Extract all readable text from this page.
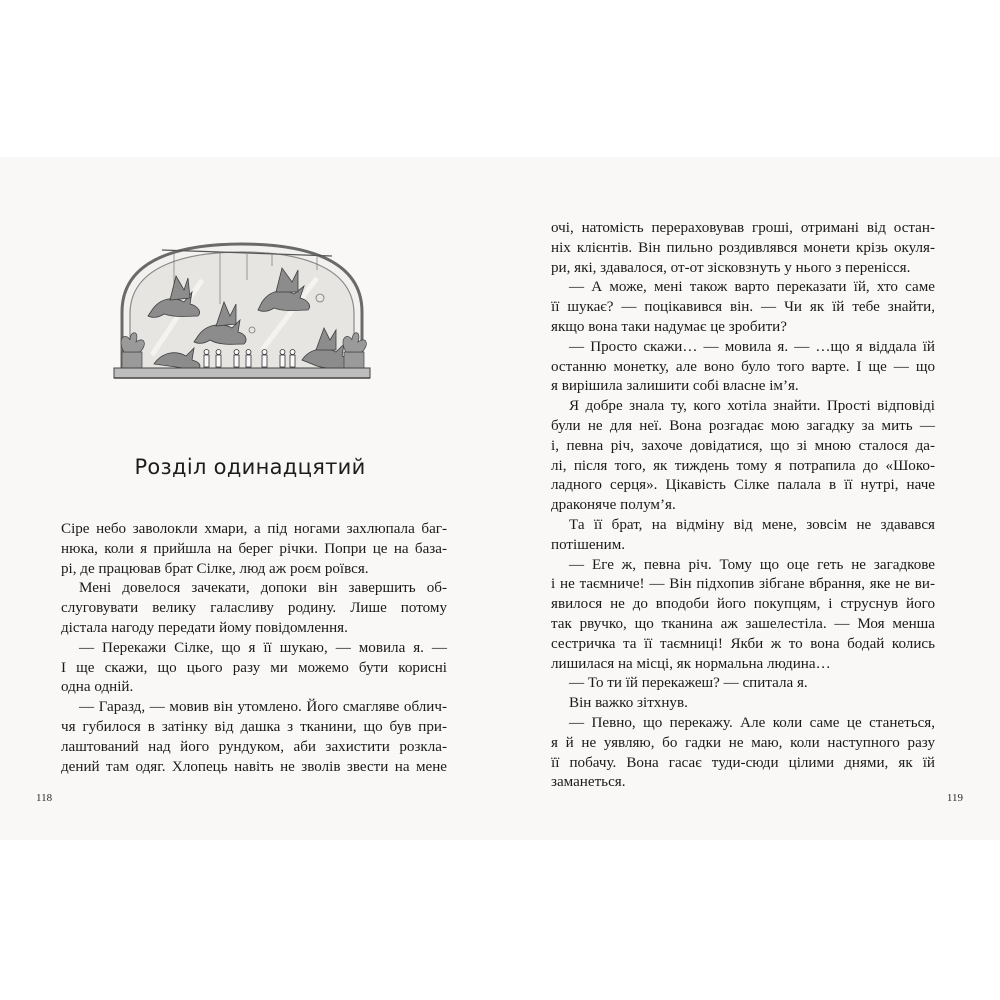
Розділ одинадцятий
Сіре небо заволокли хмари, а під ногами захлюпала баг-
нюка, коли я прийшла на берег річки. Попри це на база-
рі, де працював брат Сілке, люд аж роєм роївся.
Мені довелося зачекати, допоки він завершить об-
слуговувати велику галасливу родину. Лише потому
дістала нагоду передати йому повідомлення.
— Перекажи Сілке, що я її шукаю, — мовила я. —
І ще скажи, що цього разу ми можемо бути корисні
одна одній.
— Гаразд, — мовив він утомлено. Його смагляве облич-
чя губилося в затінку від дашка з тканини, що був при-
лаштований над його рундуком, аби захистити розкла-
дений там одяг. Хлопець навіть не зволів звести на мене
118
очі, натомість перераховував гроші, отримані від остан-
ніх клієнтів. Він пильно роздивлявся монети крізь окуля-
ри, які, здавалося, от-от зісковзнуть у нього з перенісся.
— А може, мені також варто переказати їй, хто саме
її шукає? — поцікавився він. — Чи як їй тебе знайти,
якщо вона таки надумає це зробити?
— Просто скажи… — мовила я. — …що я віддала їй
останню монетку, але воно було того варте. І ще — що
я вирішила залишити собі власне ім’я.
Я добре знала ту, кого хотіла знайти. Прості відповіді
були не для неї. Вона розгадає мою загадку за мить —
і, певна річ, захоче довідатися, що зі мною сталося да-
лі, після того, як тиждень тому я потрапила до «Шоко-
ладного серця». Цікавість Сілке палала в її нутрі, наче
драконяче полум’я.
Та її брат, на відміну від мене, зовсім не здавався
потішеним.
— Еге ж, певна річ. Тому що оце геть не загадкове
і не таємниче! — Він підхопив зібгане вбрання, яке не ви-
явилося не до вподоби його покупцям, і струснув його
так рвучко, що тканина аж зашелестіла. — Моя менша
сестричка та її таємниці! Якби ж то вона бодай колись
лишилася на місці, як нормальна людина…
— То ти їй перекажеш? — спитала я.
Він важко зітхнув.
— Певно, що перекажу. Але коли саме це станеться,
я й не уявляю, бо гадки не маю, коли наступного разу
її побачу. Вона гасає туди-сюди цілими днями, як їй
заманеться.
119
